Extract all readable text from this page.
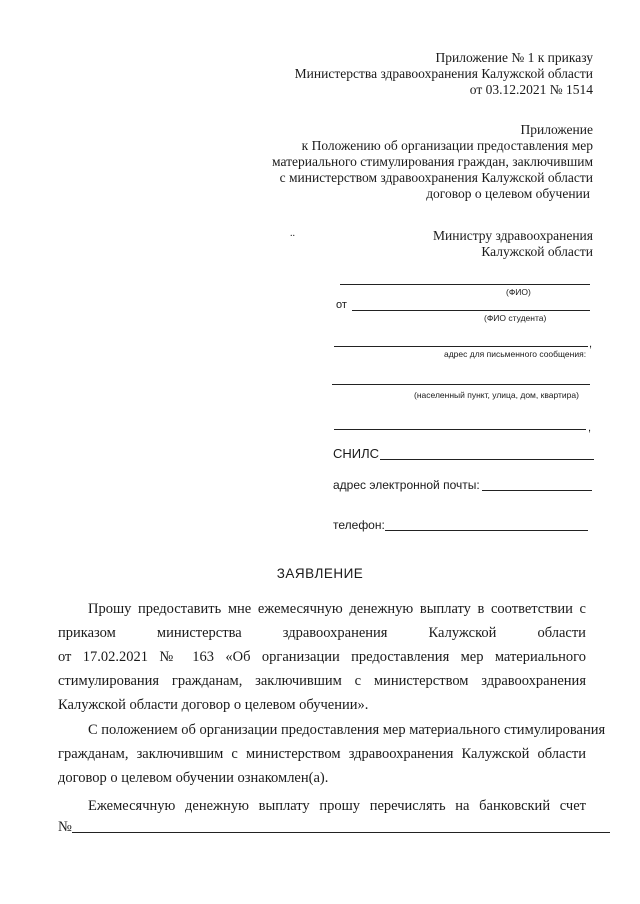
Приложение № 1 к приказу
Министерства здравоохранения Калужской области
от 03.12.2021 № 1514
Приложение
к Положению об организации предоставления мер
материального стимулирования граждан, заключившим
с министерством здравоохранения Калужской области
договор о целевом обучении
..	Министру здравоохранения
Калужской области
(ФИО)
от
(ФИО студента)
,
адрес для письменного сообщения:
(населенный пункт, улица, дом, квартира)
,
СНИЛС
адрес электронной почты:
телефон:
ЗАЯВЛЕНИЕ
Прошу предоставить мне ежемесячную денежную выплату в соответствии с
приказом	министерства	здравоохранения	Калужской	области
от 17.02.2021 № 163 «Об организации предоставления мер материального
стимулирования гражданам, заключившим с министерством здравоохранения
Калужской области договор о целевом обучении».
С положением об организации предоставления мер материального стимулирования
гражданам, заключившим с министерством здравоохранения Калужской области
договор о целевом обучении ознакомлен(а).
Ежемесячную денежную выплату прошу перечислять на банковский счет
№
